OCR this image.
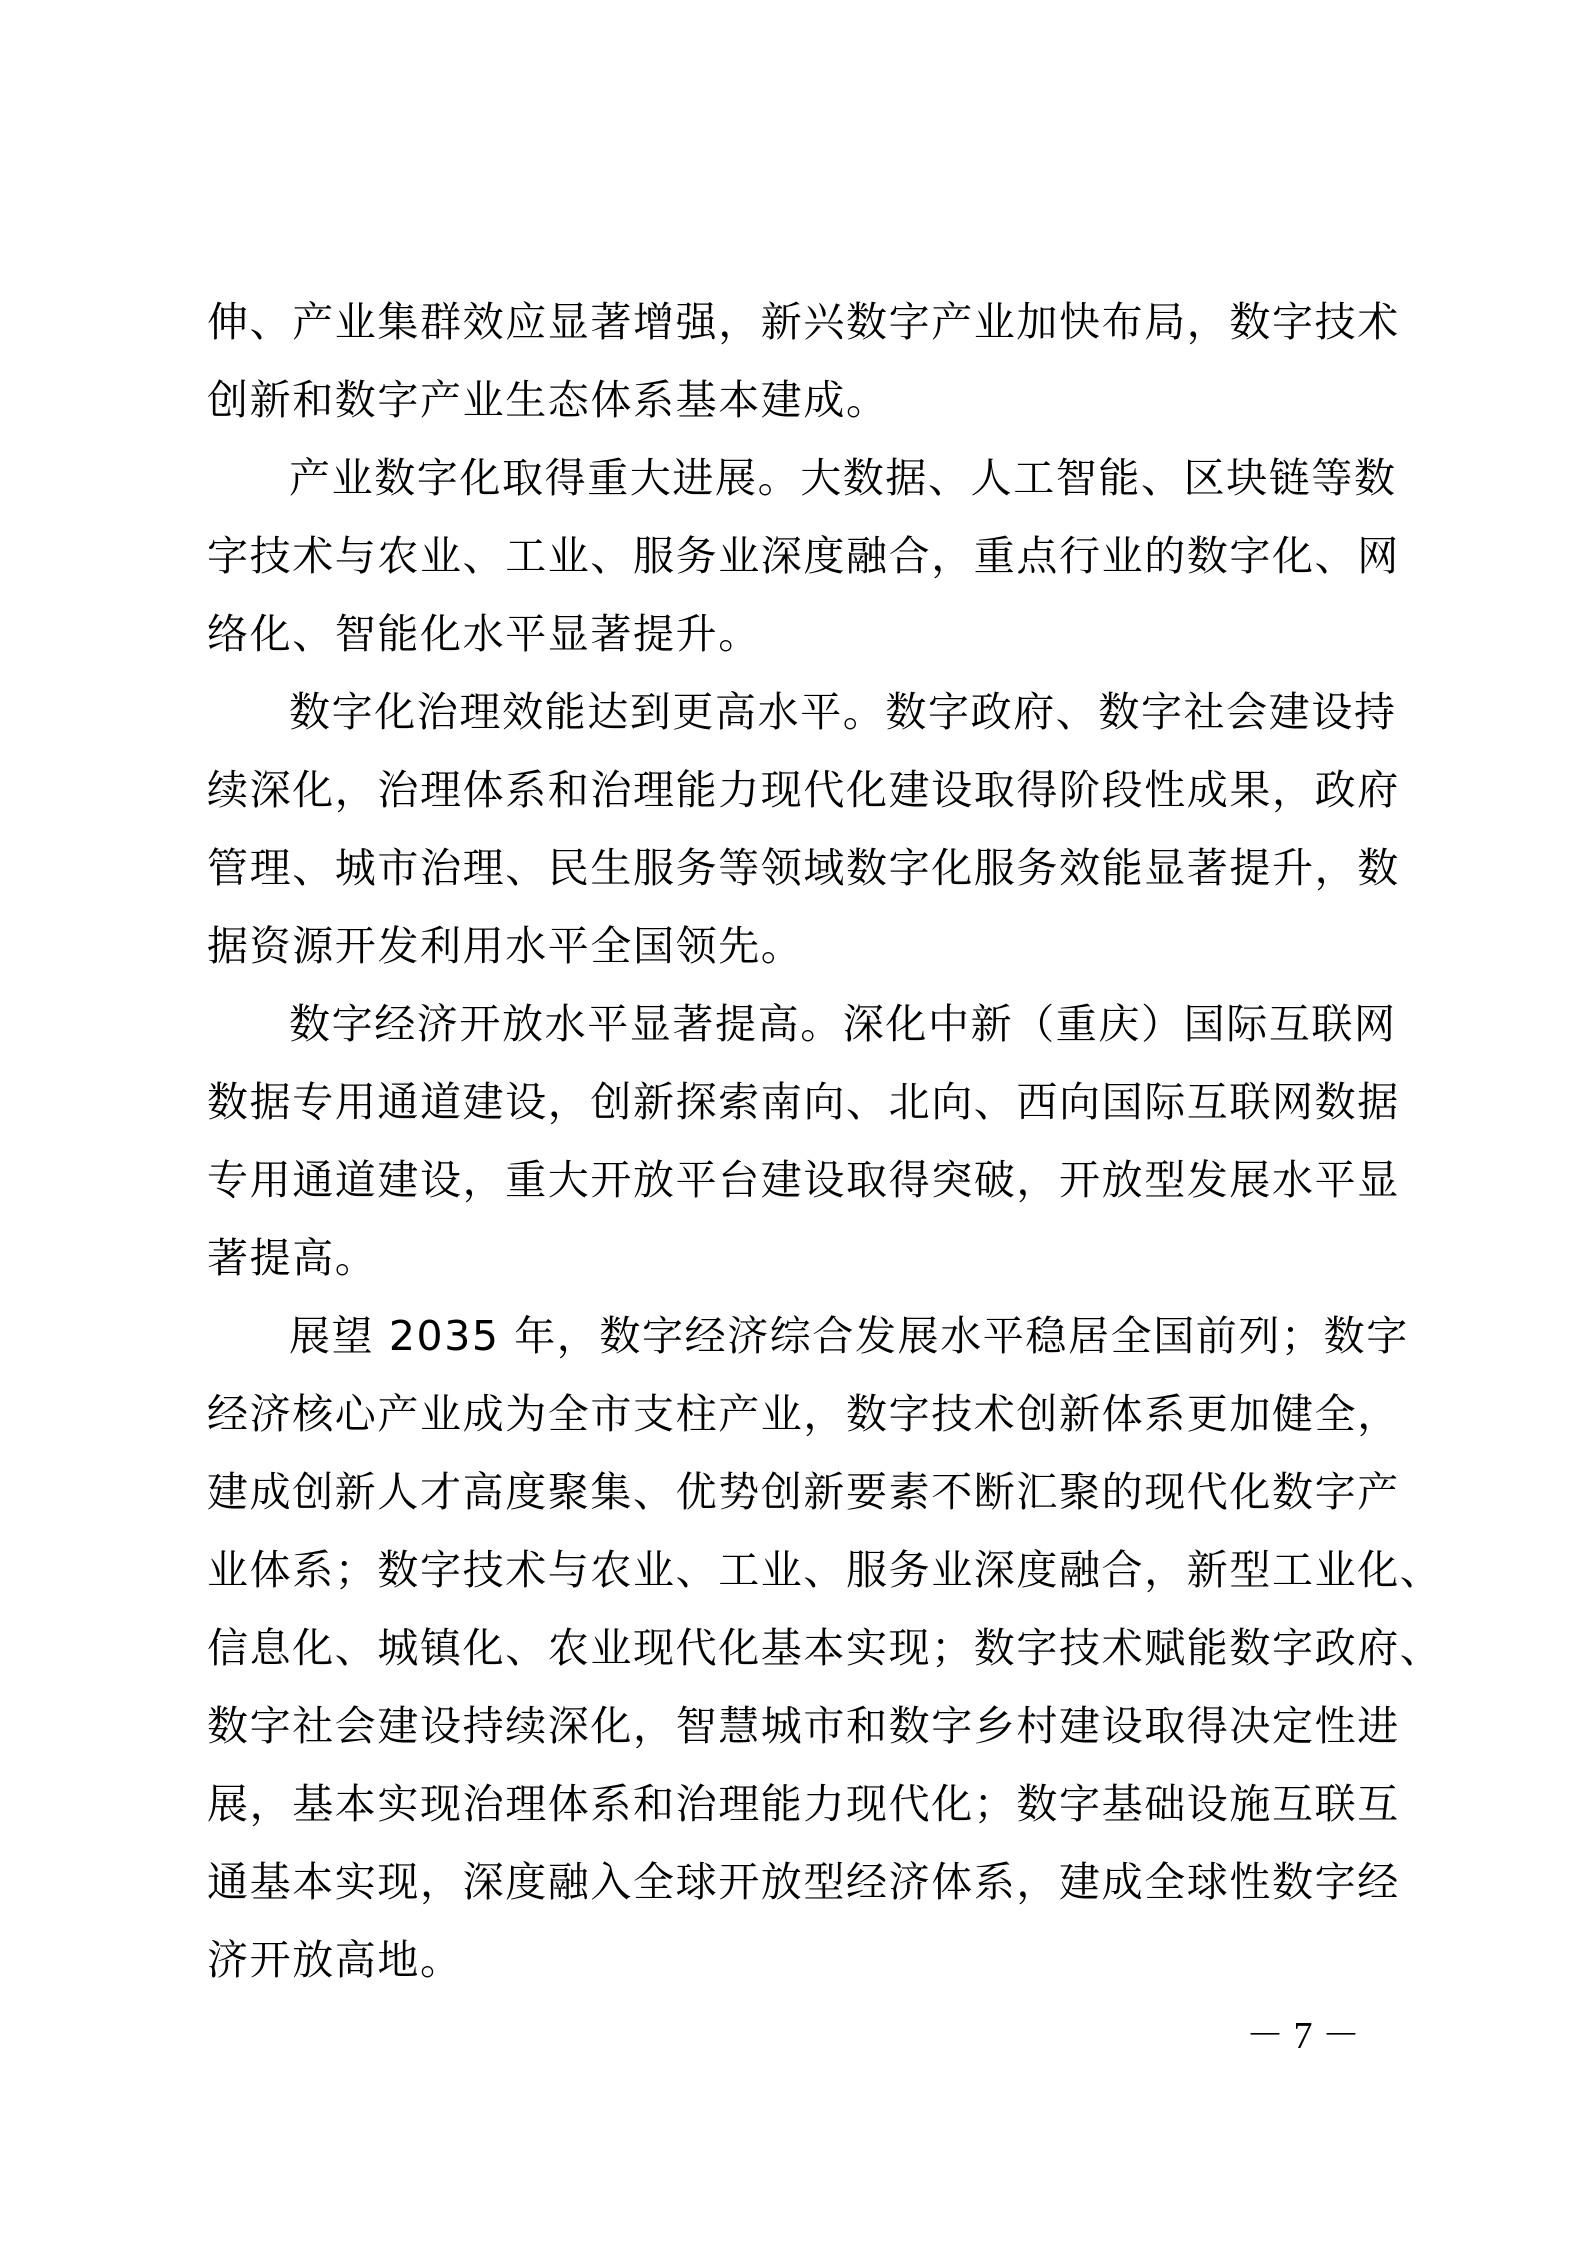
伸、产业集群效应显著增强，新兴数字产业加快布局，数字技术
创新和数字产业生态体系基本建成。
产业数字化取得重大进展。大数据、人工智能、区块链等数
字技术与农业、工业、服务业深度融合，重点行业的数字化、网
络化、智能化水平显著提升。
数字化治理效能达到更高水平。数字政府、数字社会建设持
续深化，治理体系和治理能力现代化建设取得阶段性成果，政府
管理、城市治理、民生服务等领域数字化服务效能显著提升，数
据资源开发利用水平全国领先。
数字经济开放水平显著提高。深化中新（重庆）国际互联网
数据专用通道建设，创新探索南向、北向、西向国际互联网数据
专用通道建设，重大开放平台建设取得突破，开放型发展水平显
著提高。
展望 2035 年，数字经济综合发展水平稳居全国前列；数字
经济核心产业成为全市支柱产业，数字技术创新体系更加健全，
建成创新人才高度聚集、优势创新要素不断汇聚的现代化数字产
业体系；数字技术与农业、工业、服务业深度融合，新型工业化、
信息化、城镇化、农业现代化基本实现；数字技术赋能数字政府、
数字社会建设持续深化，智慧城市和数字乡村建设取得决定性进
展，基本实现治理体系和治理能力现代化；数字基础设施互联互
通基本实现，深度融入全球开放型经济体系，建成全球性数字经
济开放高地。
－ 7 －
